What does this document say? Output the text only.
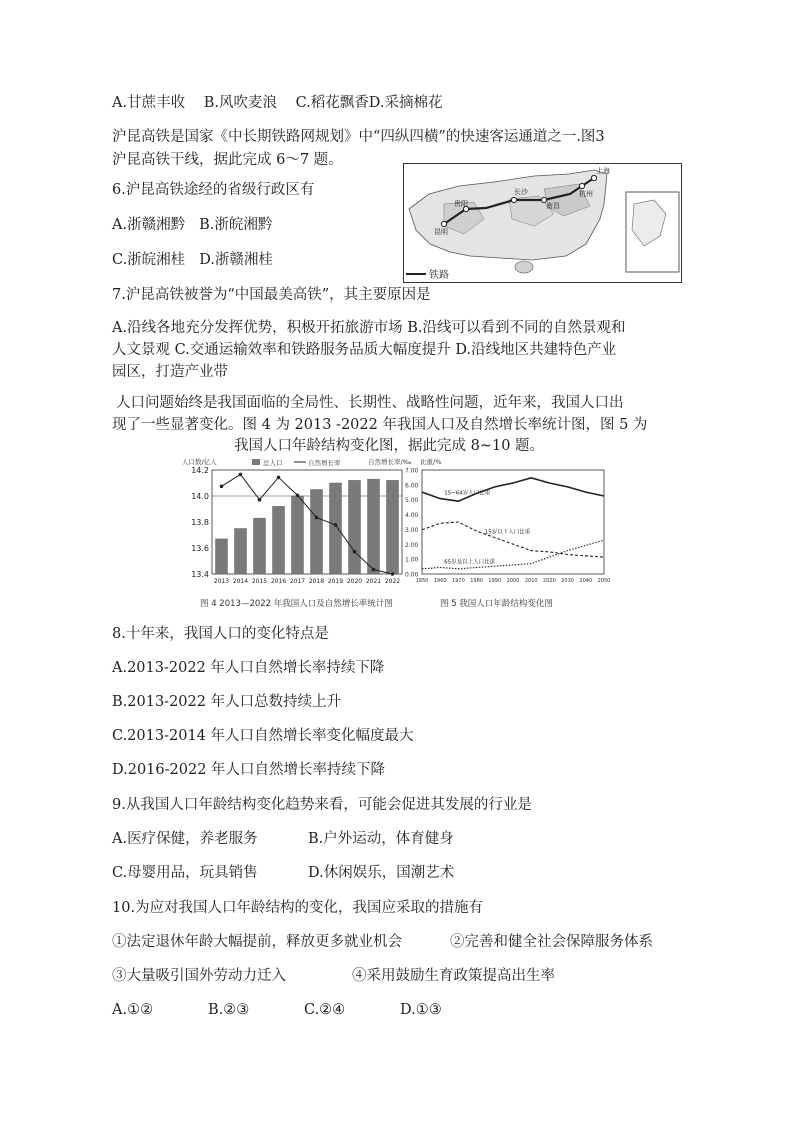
A.甘蔗丰收 B.风吹麦浪 C.稻花飘香D.采摘棉花
沪昆高铁是国家《中长期铁路网规划》中“四纵四横”的快速客运通道之一.图3
沪昆高铁干线，据此完成 6～7 题。
6.沪昆高铁途经的省级行政区有
A.浙赣湘黔 B.浙皖湘黔
C.浙皖湘桂 D.浙赣湘桂
上海
杭州
南昌
长沙
贵阳
昆明
铁路
7.沪昆高铁被誉为“中国最美高铁”，其主要原因是
A.沿线各地充分发挥优势，积极开拓旅游市场 B.沿线可以看到不同的自然景观和
人文景观 C.交通运输效率和铁路服务品质大幅度提升 D.沿线地区共建特色产业
园区，打造产业带
人口问题始终是我国面临的全局性、长期性、战略性问题，近年来，我国人口出
现了一些显著变化。图 4 为 2013 -2022 年我国人口及自然增长率统计图，图 5 为
我国人口年龄结构变化图，据此完成 8~10 题。
人口数/亿人	自然增长率/‰
总人口	自然增长率
14.2
14.0
13.8
13.6
13.4
7.00
6.00
5.00
4.00
3.00
2.00
1.00
0.00
2013 2014 2015 2016 2017 2018 2019 2020 2021 2022
比重/%
1950 1960 1970 1980 1990 2000 2010 2020 2030 2040 2050
15~64岁人口比重
15岁以下人口比重
65岁及以上人口比重
图 4 2013—2022 年我国人口及自然增长率统计图	图 5 我国人口年龄结构变化图
8.十年来，我国人口的变化特点是
A.2013-2022 年人口自然增长率持续下降
B.2013-2022 年人口总数持续上升
C.2013-2014 年人口自然增长率变化幅度最大
D.2016-2022 年人口自然增长率持续下降
9.从我国人口年龄结构变化趋势来看，可能会促进其发展的行业是
A.医疗保健，养老服务	B.户外运动，体育健身
C.母婴用品，玩具销售	D.休闲娱乐，国潮艺术
10.为应对我国人口年龄结构的变化，我国应采取的措施有
①法定退休年龄大幅提前，释放更多就业机会	②完善和健全社会保障服务体系
③大量吸引国外劳动力迁入	④采用鼓励生育政策提高出生率
A.①②	B.②③	C.②④	D.①③
